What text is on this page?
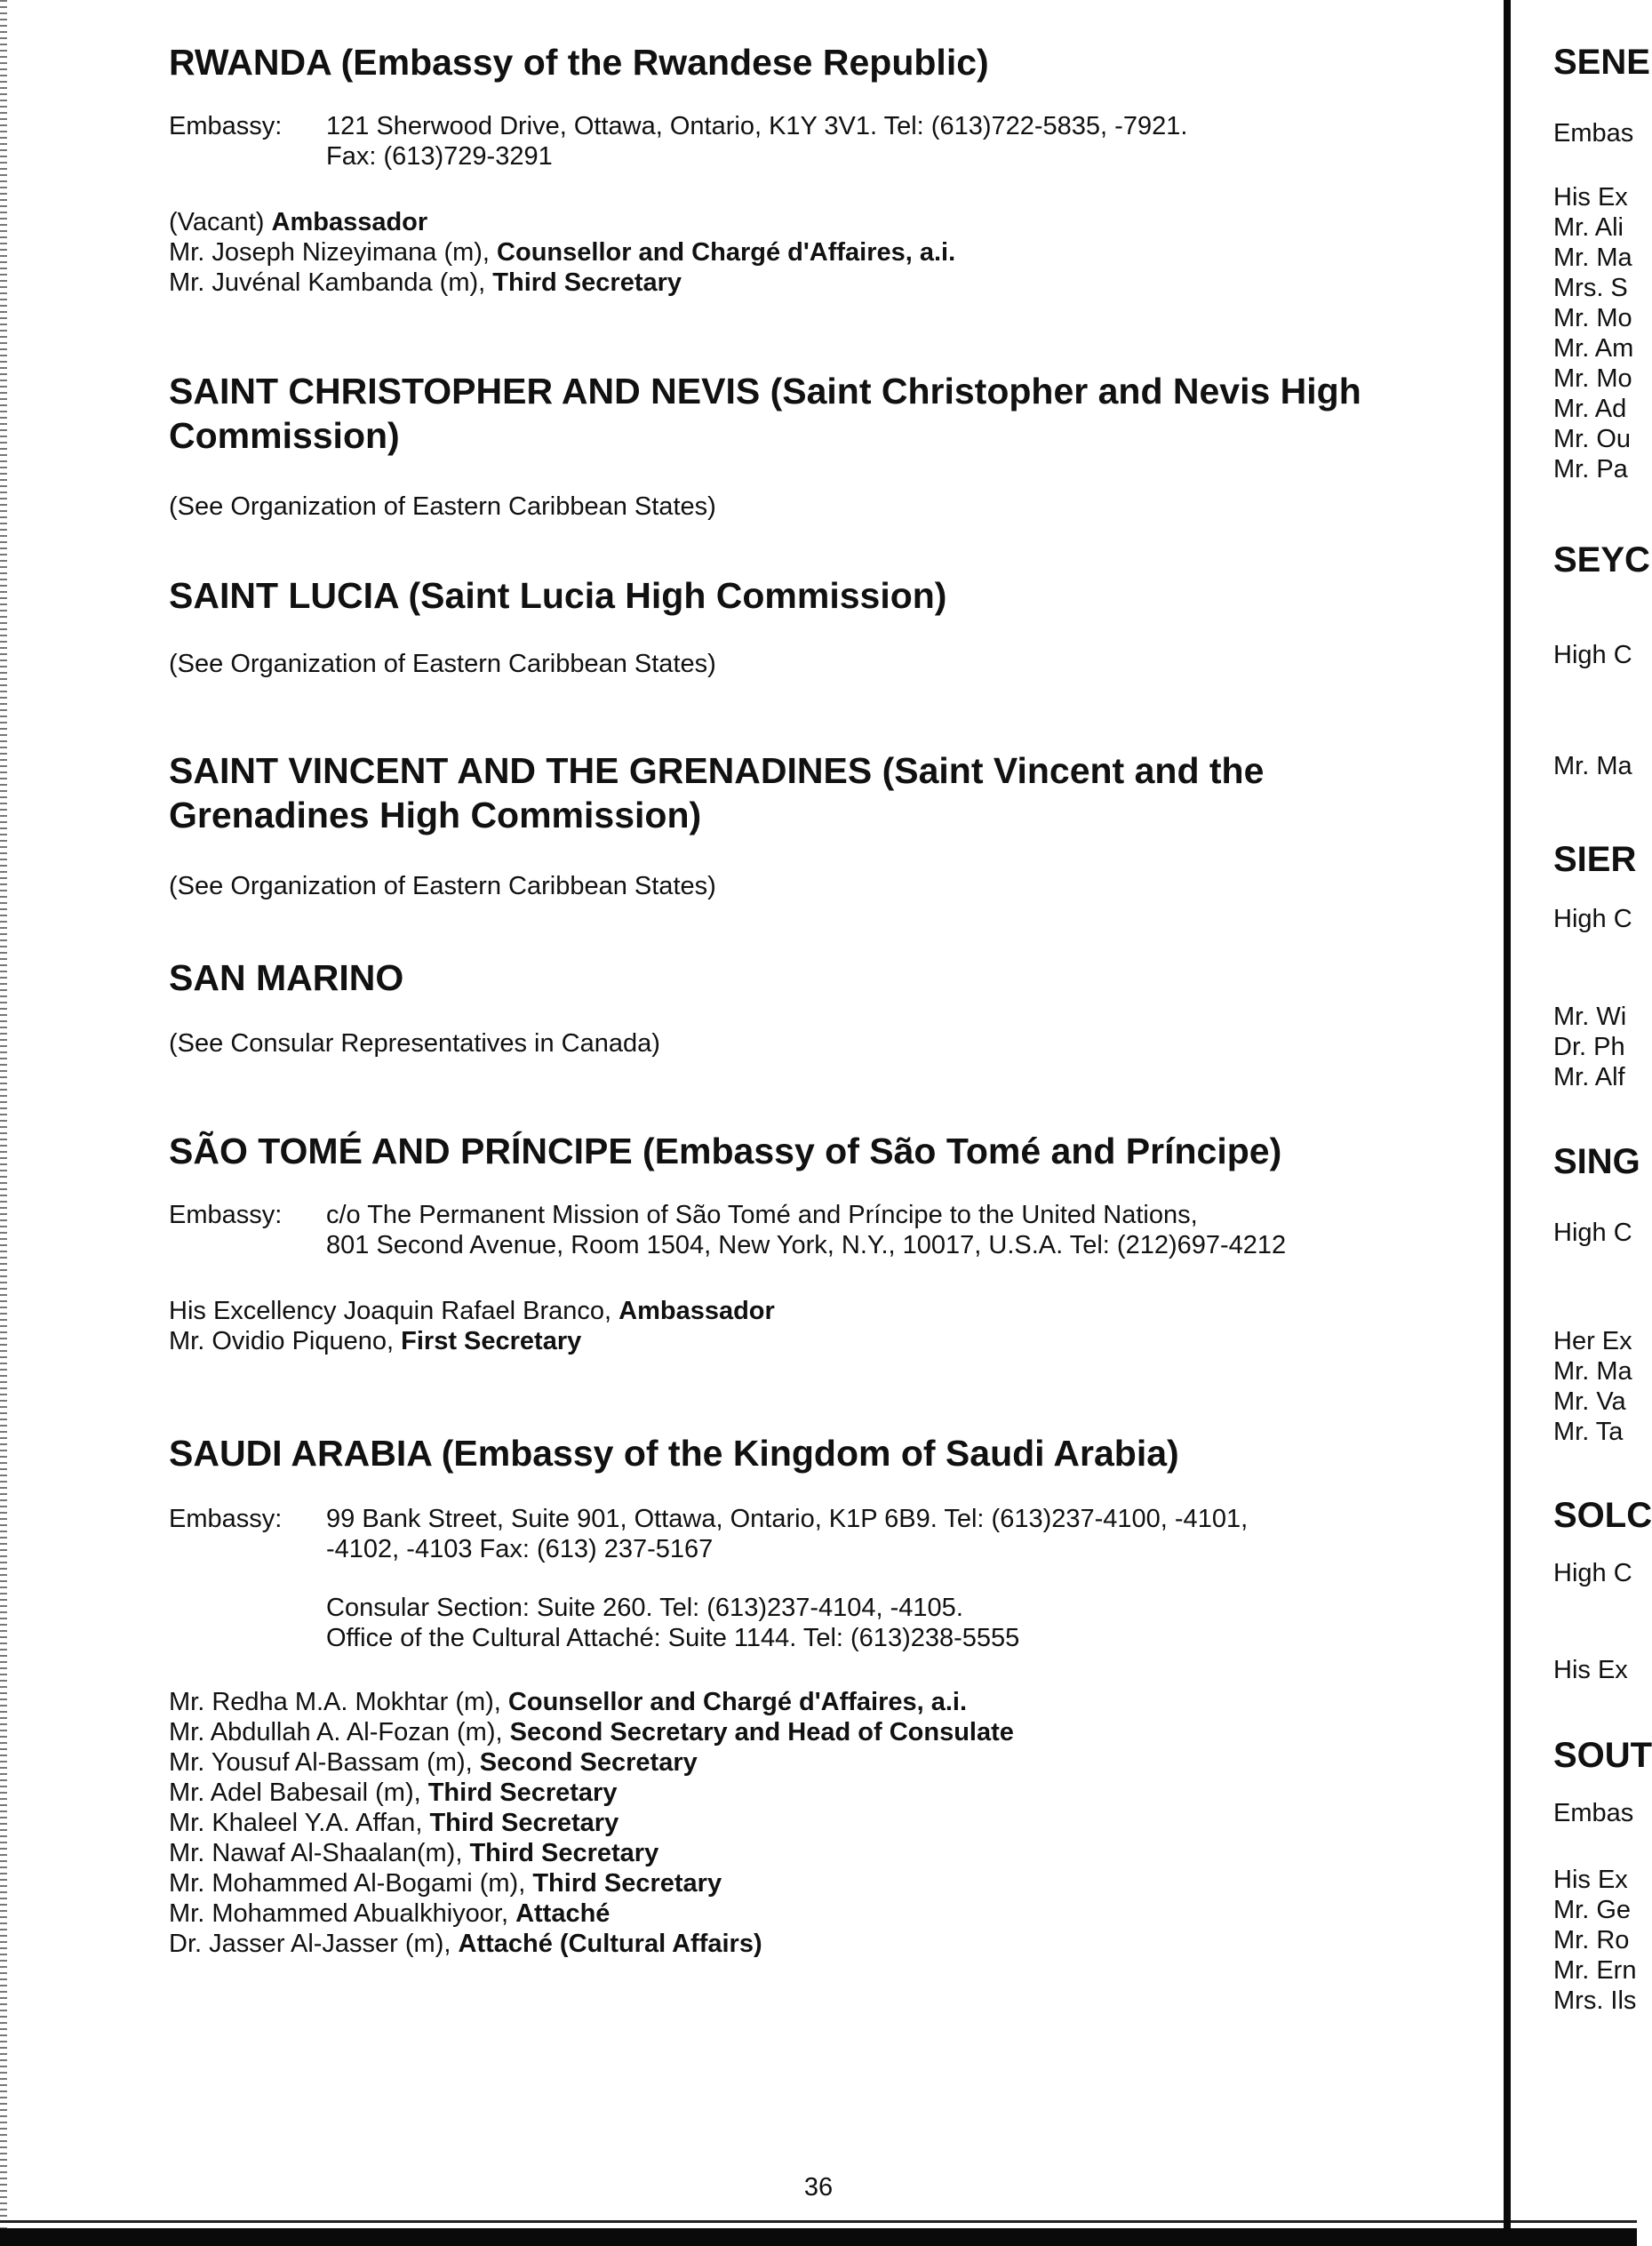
RWANDA (Embassy of the Rwandese Republic)
Embassy:	121 Sherwood Drive, Ottawa, Ontario, K1Y 3V1. Tel: (613)722-5835, -7921.
Fax: (613)729-3291
(Vacant) Ambassador
Mr. Joseph Nizeyimana (m), Counsellor and Chargé d'Affaires, a.i.
Mr. Juvénal Kambanda (m), Third Secretary
SAINT CHRISTOPHER AND NEVIS (Saint Christopher and Nevis High
Commission)
(See Organization of Eastern Caribbean States)
SAINT LUCIA (Saint Lucia High Commission)
(See Organization of Eastern Caribbean States)
SAINT VINCENT AND THE GRENADINES (Saint Vincent and the
Grenadines High Commission)
(See Organization of Eastern Caribbean States)
SAN MARINO
(See Consular Representatives in Canada)
SÃO TOMÉ AND PRÍNCIPE (Embassy of São Tomé and Príncipe)
Embassy:	c/o The Permanent Mission of São Tomé and Príncipe to the United Nations,
801 Second Avenue, Room 1504, New York, N.Y., 10017, U.S.A. Tel: (212)697-4212
His Excellency Joaquin Rafael Branco, Ambassador
Mr. Ovidio Piqueno, First Secretary
SAUDI ARABIA (Embassy of the Kingdom of Saudi Arabia)
Embassy:	99 Bank Street, Suite 901, Ottawa, Ontario, K1P 6B9. Tel: (613)237-4100, -4101,
-4102, -4103 Fax: (613) 237-5167
Consular Section: Suite 260. Tel: (613)237-4104, -4105.
Office of the Cultural Attaché: Suite 1144. Tel: (613)238-5555
Mr. Redha M.A. Mokhtar (m), Counsellor and Chargé d'Affaires, a.i.
Mr. Abdullah A. Al-Fozan (m), Second Secretary and Head of Consulate
Mr. Yousuf Al-Bassam (m), Second Secretary
Mr. Adel Babesail (m), Third Secretary
Mr. Khaleel Y.A. Affan, Third Secretary
Mr. Nawaf Al-Shaalan(m), Third Secretary
Mr. Mohammed Al-Bogami (m), Third Secretary
Mr. Mohammed Abualkhiyoor, Attaché
Dr. Jasser Al-Jasser (m), Attaché (Cultural Affairs)
36
SENE
Embas
His Ex
Mr. Ali
Mr. Ma
Mrs. S
Mr. Mo
Mr. Am
Mr. Mo
Mr. Ad
Mr. Ou
Mr. Pa
SEYC
High C
Mr. Ma
SIER
High C
Mr. Wi
Dr. Ph
Mr. Alf
SING
High C
Her Ex
Mr. Ma
Mr. Va
Mr. Ta
SOLC
High C
His Ex
SOUT
Embas
His Ex
Mr. Ge
Mr. Ro
Mr. Ern
Mrs. Ils
